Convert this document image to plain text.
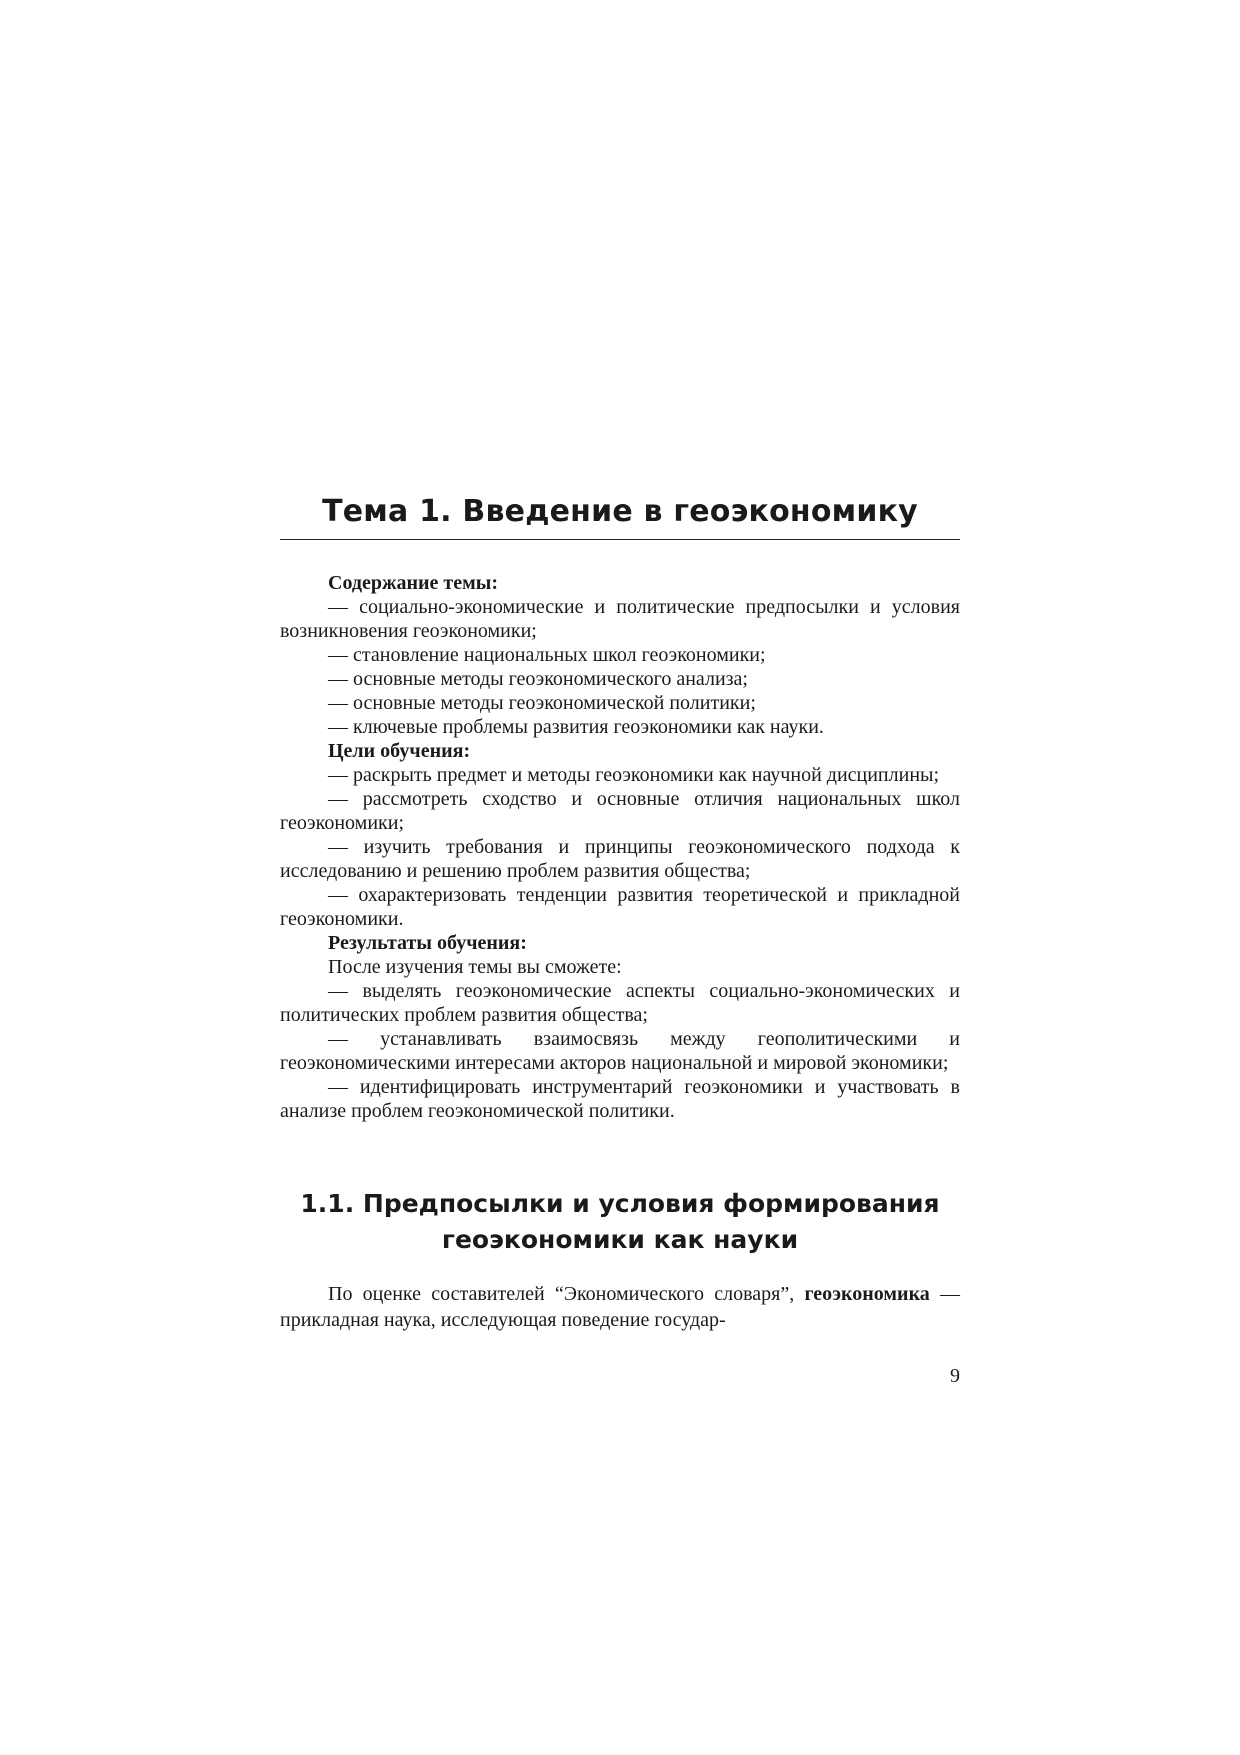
Тема 1. Введение в геоэкономику

Содержание темы:

— социально-экономические и политические предпосылки и условия возникновения геоэкономики;

— становление национальных школ геоэкономики;

— основные методы геоэкономического анализа;

— основные методы геоэкономической политики;

— ключевые проблемы развития геоэкономики как науки.

Цели обучения:

— раскрыть предмет и методы геоэкономики как научной дисциплины;

— рассмотреть сходство и основные отличия национальных школ геоэкономики;

— изучить требования и принципы геоэкономического подхода к исследованию и решению проблем развития общества;

— охарактеризовать тенденции развития теоретической и прикладной геоэкономики.

Результаты обучения:

После изучения темы вы сможете:

— выделять геоэкономические аспекты социально-экономических и политических проблем развития общества;

— устанавливать взаимосвязь между геополитическими и геоэкономическими интересами акторов национальной и мировой экономики;

— идентифицировать инструментарий геоэкономики и участвовать в анализе проблем геоэкономической политики.

1.1. Предпосылки и условия формирования
геоэкономики как науки

По оценке составителей “Экономического словаря”, геоэкономика — прикладная наука, исследующая поведение государ-

9
